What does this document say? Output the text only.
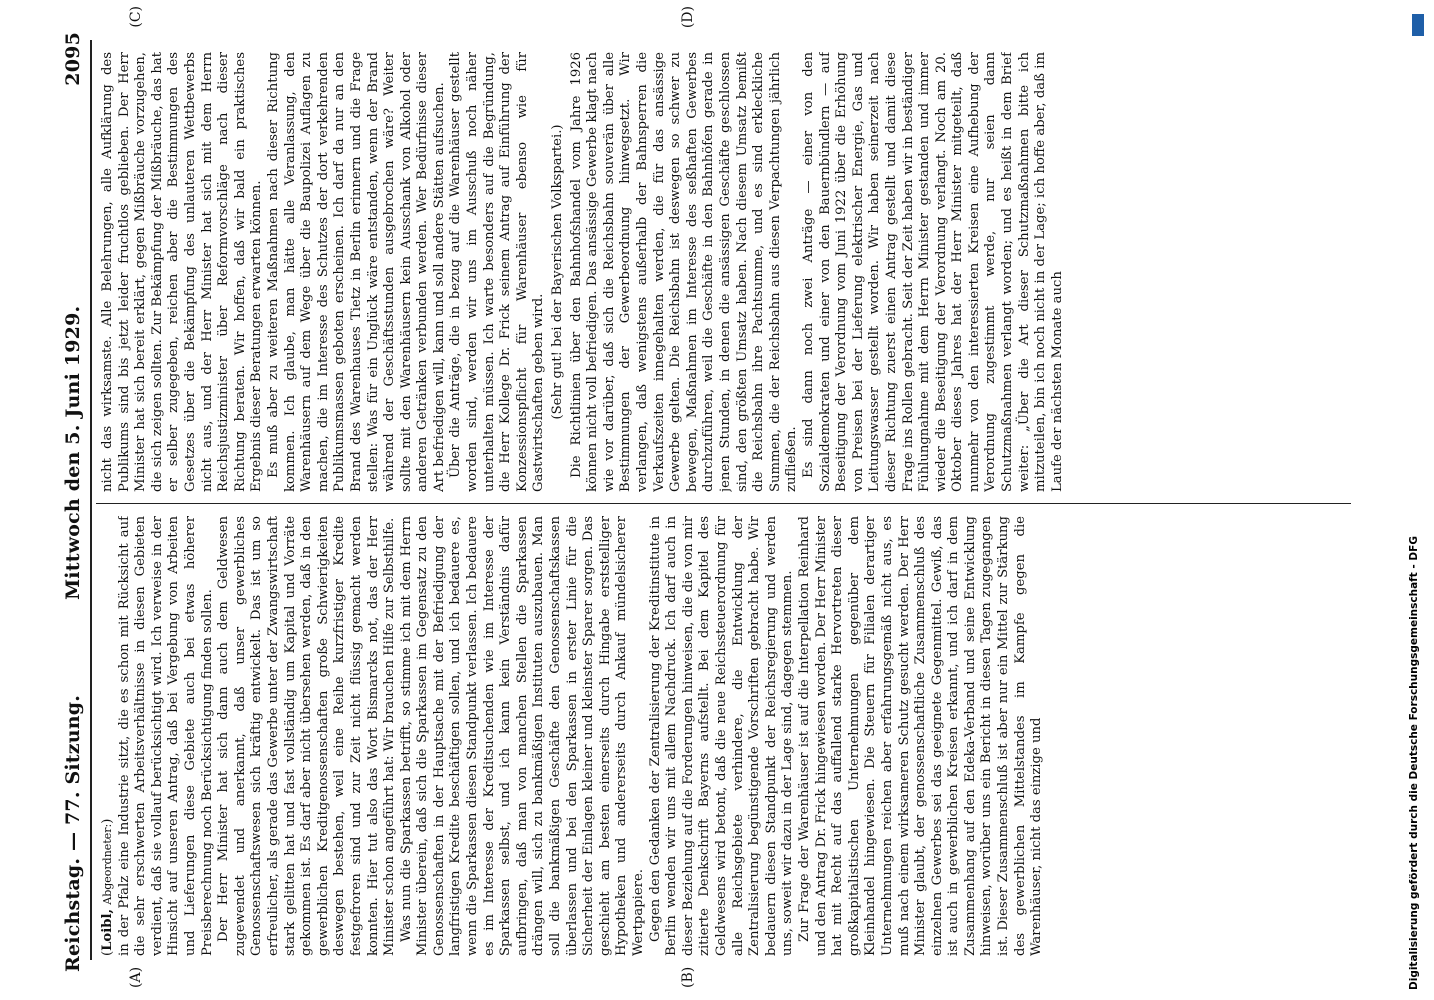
Reichstag. — 77. Sitzung.
Mittwoch den 5. Juni 1929.2095
(A)	(B)
(C)	(D)

(Loibl, Abgeordneter:) in der Pfalz eine Industrie sitzt, die es schon mit Rücksicht auf die sehr erschwerten Arbeitsverhältnisse in diesen Gebieten verdient, daß sie vollauf berücksichtigt wird. Ich verweise in der Hinsicht auf unseren Antrag, daß bei Vergebung von Arbeiten und Lieferungen diese Gebiete auch bei etwas höherer Preisberechnung noch Berücksichtigung finden sollen. Der Herr Minister hat sich dann auch dem Geldwesen zugewendet und anerkannt, daß unser gewerbliches Genossenschaftswesen sich kräftig entwickelt. Das ist um so erfreulicher, als gerade das Gewerbe unter der Zwangswirtschaft stark gelitten hat und fast vollständig um Kapital und Vorräte gekommen ist. Es darf aber nicht übersehen werden, daß in den gewerblichen Kreditgenossenschaften große Schwierigkeiten deswegen bestehen, weil eine Reihe kurzfristiger Kredite festgefroren sind und zur Zeit nicht flüssig gemacht werden konnten. Hier tut also das Wort Bismarcks not, das der Herr Minister schon angeführt hat: Wir brauchen Hilfe zur Selbsthilfe. Was nun die Sparkassen betrifft, so stimme ich mit dem Herrn Minister überein, daß sich die Sparkassen im Gegensatz zu den Genossenschaften in der Hauptsache mit der Befriedigung der langfristigen Kredite beschäftigen sollen, und ich bedauere es, wenn die Sparkassen diesen Standpunkt verlassen. Ich bedauere es im Interesse der Kreditsuchenden wie im Interesse der Sparkassen selbst, und ich kann kein Verständnis dafür aufbringen, daß man von manchen Stellen die Sparkassen drängen will, sich zu bankmäßigen Instituten auszubauen. Man soll die bankmäßigen Geschäfte den Genossenschaftskassen überlassen und bei den Sparkassen in erster Linie für die Sicherheit der Einlagen kleiner und kleinster Sparer sorgen. Das geschieht am besten einerseits durch Hingabe erststelliger Hypotheken und andererseits durch Ankauf mündelsicherer Wertpapiere. Gegen den Gedanken der Zentralisierung der Kreditinstitute in Berlin wenden wir uns mit allem Nachdruck. Ich darf auch in dieser Beziehung auf die Forderungen hinweisen, die die von mir zitierte Denkschrift Bayerns aufstellt. Bei dem Kapitel des Geldwesens wird betont, daß die neue Reichssteuerordnung für alle Reichsgebiete verhindere, die Entwicklung der Zentralisierung begünstigende Vorschriften gebracht habe. Wir bedauern diesen Standpunkt der Reichsregierung und werden uns, soweit wir dazu in der Lage sind, dagegen stemmen. Zur Frage der Warenhäuser ist auf die Interpellation Reinhard und den Antrag Dr. Frick hingewiesen worden. Der Herr Minister hat mit Recht auf das auffallend starke Hervortreten dieser großkapitalistischen Unternehmungen gegenüber dem Kleinhandel hingewiesen. Die Steuern für Filialen derartiger Unternehmungen reichen aber erfahrungsgemäß nicht aus, es muß nach einem wirksameren Schutz gesucht werden. Der Herr Minister glaubt, der genossenschaftliche Zusammenschluß des einzelnen Gewerbes sei das geeignete Gegenmittel. Gewiß, das ist auch in gewerblichen Kreisen erkannt, und ich darf in dem Zusammenhang auf den Edeka-Verband und seine Entwicklung hinweisen, worüber uns ein Bericht in diesen Tagen zugegangen ist. Dieser Zusammenschluß ist aber nur ein Mittel zur Stärkung des gewerblichen Mittelstandes im Kampfe gegen die Warenhäuser, nicht das einzige und

nicht das wirksamste. Alle Belehrungen, alle Aufklärung des Publikums sind bis jetzt leider fruchtlos geblieben. Der Herr Minister hat sich bereit erklärt, gegen Mißbräuche vorzugehen, die sich zeigen sollten. Zur Bekämpfung der Mißbräuche, das hat er selber zugegeben, reichen aber die Bestimmungen des Gesetzes über die Bekämpfung des unlauteren Wettbewerbs nicht aus, und der Herr Minister hat sich mit dem Herrn Reichsjustizminister über Reformvorschläge nach dieser Richtung beraten. Wir hoffen, daß wir bald ein praktisches Ergebnis dieser Beratungen erwarten können. Es muß aber zu weiteren Maßnahmen nach dieser Richtung kommen. Ich glaube, man hätte alle Veranlassung, den Warenhäusern auf dem Wege über die Baupolizei Auflagen zu machen, die im Interesse des Schutzes der dort verkehrenden Publikumsmassen geboten erscheinen. Ich darf da nur an den Brand des Warenhauses Tietz in Berlin erinnern und die Frage stellen: Was für ein Unglück wäre entstanden, wenn der Brand während der Geschäftsstunden ausgebrochen wäre? Weiter sollte mit den Warenhäusern kein Ausschank von Alkohol oder anderen Getränken verbunden werden. Wer Bedürfnisse dieser Art befriedigen will, kann und soll andere Stätten aufsuchen. Über die Anträge, die in bezug auf die Warenhäuser gestellt worden sind, werden wir uns im Ausschuß noch näher unterhalten müssen. Ich warte besonders auf die Begründung, die Herr Kollege Dr. Frick seinem Antrag auf Einführung der Konzessionspflicht für Warenhäuser ebenso wie für Gastwirtschaften geben wird. (Sehr gut! bei der Bayerischen Volkspartei.) Die Richtlinien über den Bahnhofshandel vom Jahre 1926 können nicht voll befriedigen. Das ansässige Gewerbe klagt nach wie vor darüber, daß sich die Reichsbahn souverän über alle Bestimmungen der Gewerbeordnung hinwegsetzt. Wir verlangen, daß wenigstens außerhalb der Bahnsperren die Verkaufszeiten innegehalten werden, die für das ansässige Gewerbe gelten. Die Reichsbahn ist deswegen so schwer zu bewegen, Maßnahmen im Interesse des seßhaften Gewerbes durchzuführen, weil die Geschäfte in den Bahnhöfen gerade in jenen Stunden, in denen die ansässigen Geschäfte geschlossen sind, den größten Umsatz haben. Nach diesem Umsatz bemißt die Reichsbahn ihre Pachtsumme, und es sind erkleckliche Summen, die der Reichsbahn aus diesen Verpachtungen jährlich zufließen. Es sind dann noch zwei Anträge — einer von den Sozialdemokraten und einer von den Bauernbündlern — auf Beseitigung der Verordnung vom Juni 1922 über die Erhöhung von Preisen bei der Lieferung elektrischer Energie, Gas und Leitungswasser gestellt worden. Wir haben seinerzeit nach dieser Richtung zuerst einen Antrag gestellt und damit diese Frage ins Rollen gebracht. Seit der Zeit haben wir in beständiger Fühlungnahme mit dem Herrn Minister gestanden und immer wieder die Beseitigung der Verordnung verlangt. Noch am 20. Oktober dieses Jahres hat der Herr Minister mitgeteilt, daß nunmehr von den interessierten Kreisen eine Aufhebung der Verordnung zugestimmt werde, nur seien dann Schutzmaßnahmen verlangt worden; und es heißt in dem Brief weiter: „Über die Art dieser Schutzmaßnahmen bitte ich mitzuteilen, bin ich noch nicht in der Lage; ich hoffe aber, daß im Laufe der nächsten Monate auch

Digitalisierung gefördert durch die Deutsche Forschungsgemeinschaft - DFG
